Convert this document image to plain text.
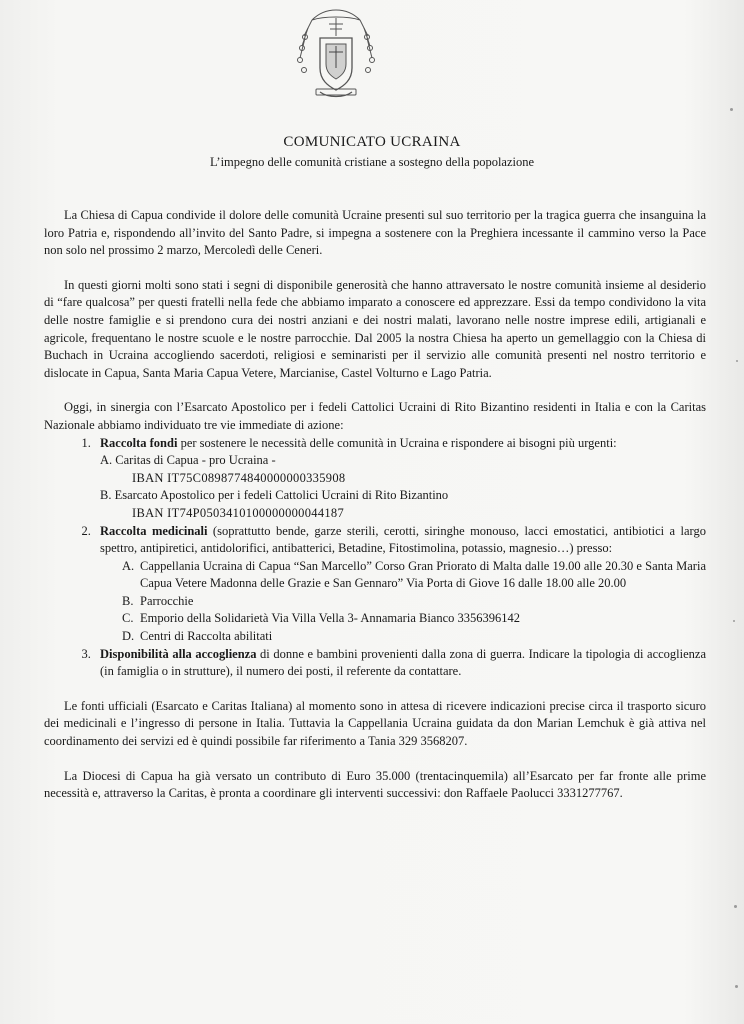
COMUNICATO UCRAINA
L’impegno delle comunità cristiane a sostegno della popolazione

La Chiesa di Capua condivide il dolore delle comunità Ucraine presenti sul suo territorio per la tragica guerra che insanguina la loro Patria e, rispondendo all’invito del Santo Padre, si impegna a sostenere con la Preghiera incessante il cammino verso la Pace non solo nel prossimo 2 marzo, Mercoledì delle Ceneri.

In questi giorni molti sono stati i segni di disponibile generosità che hanno attraversato le nostre comunità insieme al desiderio di “fare qualcosa” per questi fratelli nella fede che abbiamo imparato a conoscere ed apprezzare. Essi da tempo condividono la vita delle nostre famiglie e si prendono cura dei nostri anziani e dei nostri malati, lavorano nelle nostre imprese edili, artigianali e agricole, frequentano le nostre scuole e le nostre parrocchie. Dal 2005 la nostra Chiesa ha aperto un gemellaggio con la Chiesa di Buchach in Ucraina accogliendo sacerdoti, religiosi e seminaristi per il servizio alle comunità presenti nel nostro territorio e dislocate in Capua, Santa Maria Capua Vetere, Marcianise, Castel Volturno e Lago Patria.

Oggi, in sinergia con l’Esarcato Apostolico per i fedeli Cattolici Ucraini di Rito Bizantino residenti in Italia e con la Caritas Nazionale abbiamo individuato tre vie immediate di azione:

1. Raccolta fondi per sostenere le necessità delle comunità in Ucraina e rispondere ai bisogni più urgenti:
A. Caritas di Capua - pro Ucraina -
IBAN IT75C0898774840000000335908
B. Esarcato Apostolico per i fedeli Cattolici Ucraini di Rito Bizantino
IBAN IT74P0503410100000000044187
2. Raccolta medicinali (soprattutto bende, garze sterili, cerotti, siringhe monouso, lacci emostatici, antibiotici a largo spettro, antipiretici, antidolorifici, antibatterici, Betadine, Fitostimolina, potassio, magnesio…) presso:
A. Cappellania Ucraina di Capua “San Marcello” Corso Gran Priorato di Malta dalle 19.00 alle 20.30 e Santa Maria Capua Vetere Madonna delle Grazie e San Gennaro” Via Porta di Giove 16 dalle 18.00 alle 20.00
B. Parrocchie
C. Emporio della Solidarietà Via Villa Vella 3- Annamaria Bianco 3356396142
D. Centri di Raccolta abilitati
3. Disponibilità alla accoglienza di donne e bambini provenienti dalla zona di guerra. Indicare la tipologia di accoglienza (in famiglia o in strutture), il numero dei posti, il referente da contattare.

Le fonti ufficiali (Esarcato e Caritas Italiana) al momento sono in attesa di ricevere indicazioni precise circa il trasporto sicuro dei medicinali e l’ingresso di persone in Italia. Tuttavia la Cappellania Ucraina guidata da don Marian Lemchuk è già attiva nel coordinamento dei servizi ed è quindi possibile far riferimento a Tania 329 3568207.

La Diocesi di Capua ha già versato un contributo di Euro 35.000 (trentacinquemila) all’Esarcato per far fronte alle prime necessità e, attraverso la Caritas, è pronta a coordinare gli interventi successivi: don Raffaele Paolucci 3331277767.
